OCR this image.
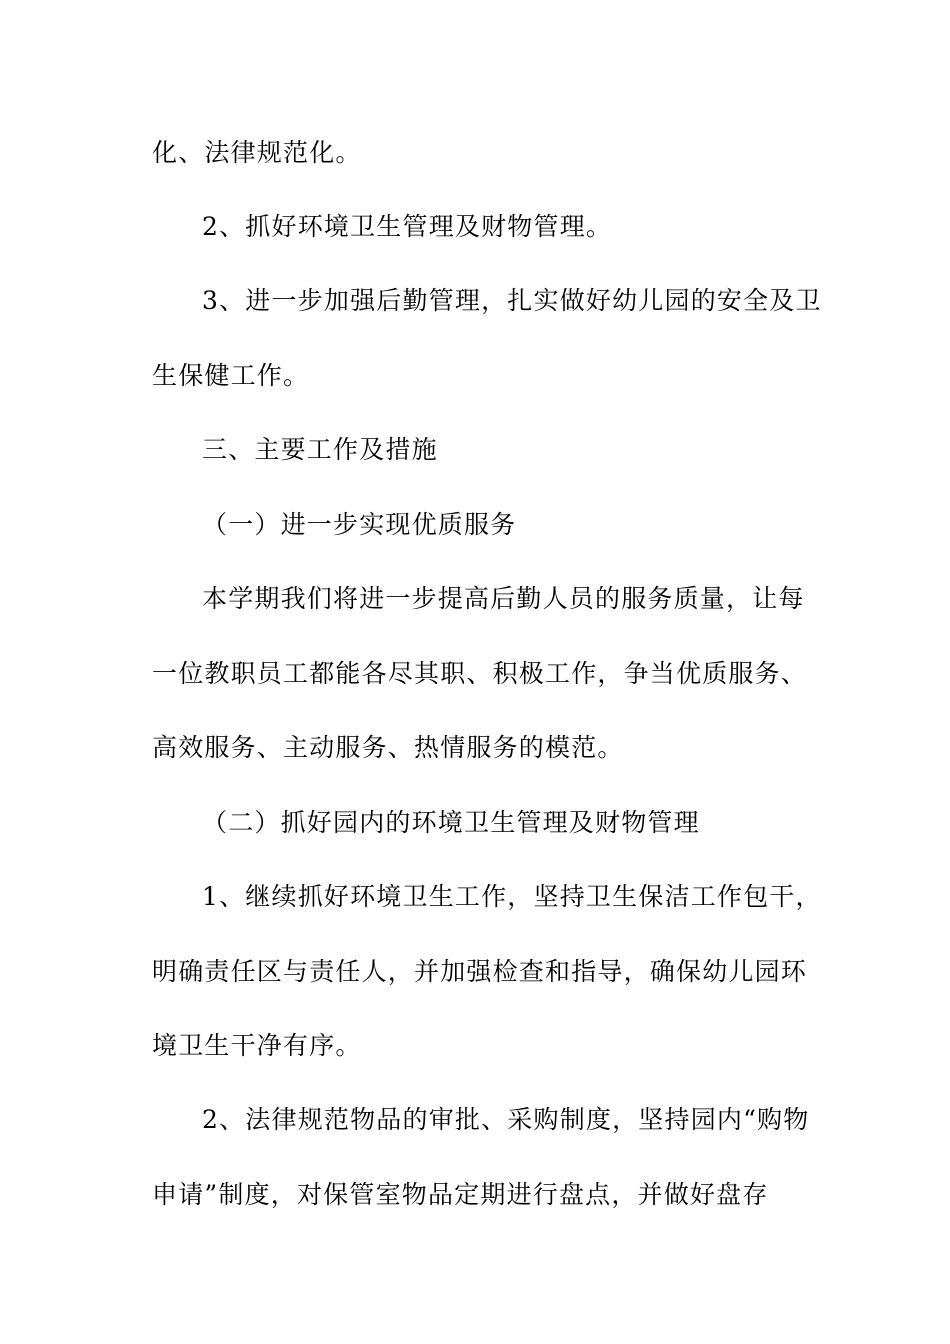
化、法律规范化。
2、抓好环境卫生管理及财物管理。
3、进一步加强后勤管理，扎实做好幼儿园的安全及卫
生保健工作。
三、主要工作及措施
（一）进一步实现优质服务
本学期我们将进一步提高后勤人员的服务质量，让每
一位教职员工都能各尽其职、积极工作，争当优质服务、
高效服务、主动服务、热情服务的模范。
（二）抓好园内的环境卫生管理及财物管理
1、继续抓好环境卫生工作，坚持卫生保洁工作包干，
明确责任区与责任人，并加强检查和指导，确保幼儿园环
境卫生干净有序。
2、法律规范物品的审批、采购制度，坚持园内“购物
申请”制度，对保管室物品定期进行盘点，并做好盘存
